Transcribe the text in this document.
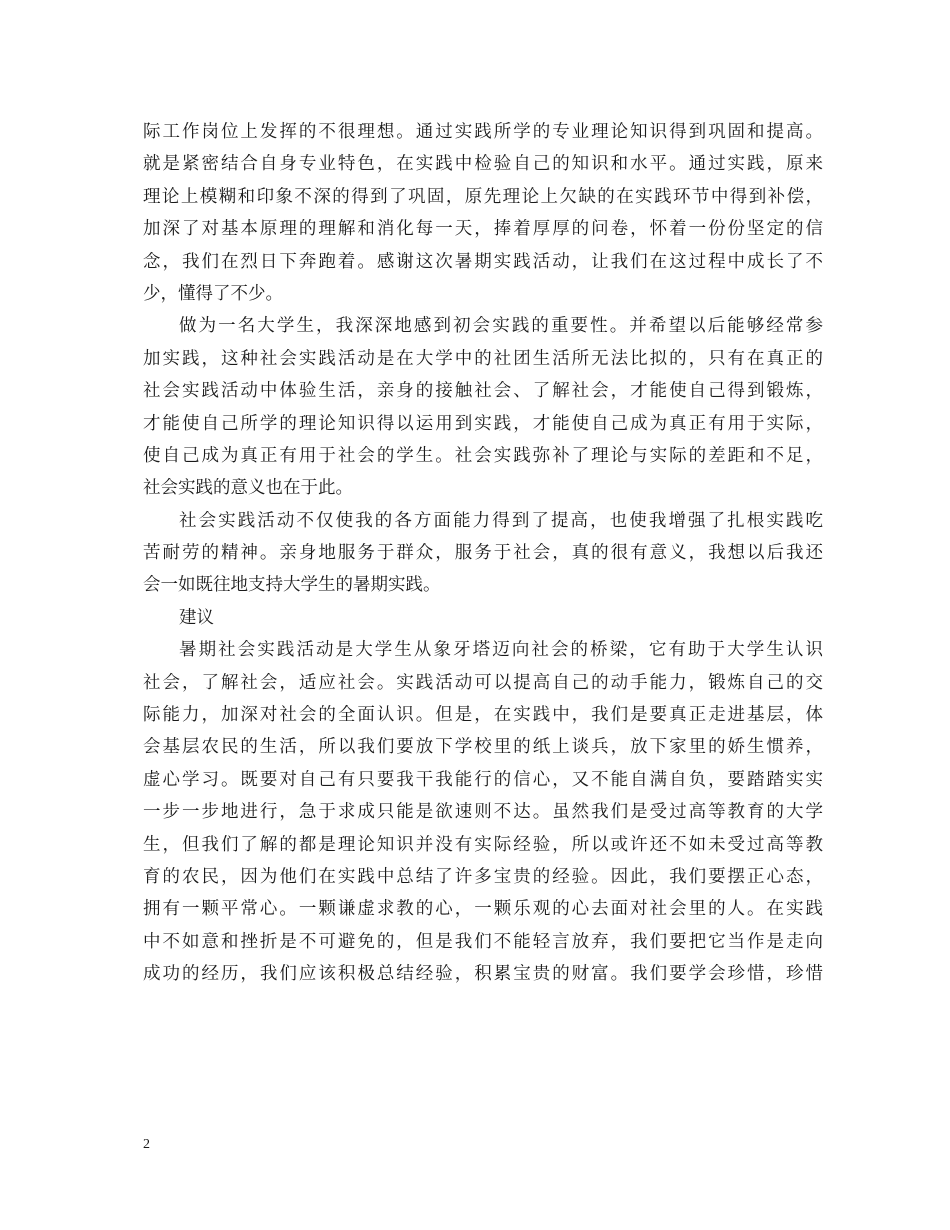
际工作岗位上发挥的不很理想。通过实践所学的专业理论知识得到巩固和提高。
就是紧密结合自身专业特色，在实践中检验自己的知识和水平。通过实践，原来
理论上模糊和印象不深的得到了巩固，原先理论上欠缺的在实践环节中得到补偿，
加深了对基本原理的理解和消化每一天，捧着厚厚的问卷，怀着一份份坚定的信
念，我们在烈日下奔跑着。感谢这次暑期实践活动，让我们在这过程中成长了不
少，懂得了不少。
做为一名大学生，我深深地感到初会实践的重要性。并希望以后能够经常参
加实践，这种社会实践活动是在大学中的社团生活所无法比拟的，只有在真正的
社会实践活动中体验生活，亲身的接触社会、了解社会，才能使自己得到锻炼，
才能使自己所学的理论知识得以运用到实践，才能使自己成为真正有用于实际，
使自己成为真正有用于社会的学生。社会实践弥补了理论与实际的差距和不足，
社会实践的意义也在于此。
社会实践活动不仅使我的各方面能力得到了提高，也使我增强了扎根实践吃
苦耐劳的精神。亲身地服务于群众，服务于社会，真的很有意义，我想以后我还
会一如既往地支持大学生的暑期实践。
建议
暑期社会实践活动是大学生从象牙塔迈向社会的桥梁，它有助于大学生认识
社会，了解社会，适应社会。实践活动可以提高自己的动手能力，锻炼自己的交
际能力，加深对社会的全面认识。但是，在实践中，我们是要真正走进基层，体
会基层农民的生活，所以我们要放下学校里的纸上谈兵，放下家里的娇生惯养，
虚心学习。既要对自己有只要我干我能行的信心，又不能自满自负，要踏踏实实
一步一步地进行，急于求成只能是欲速则不达。虽然我们是受过高等教育的大学
生，但我们了解的都是理论知识并没有实际经验，所以或许还不如未受过高等教
育的农民，因为他们在实践中总结了许多宝贵的经验。因此，我们要摆正心态，
拥有一颗平常心。一颗谦虚求教的心，一颗乐观的心去面对社会里的人。在实践
中不如意和挫折是不可避免的，但是我们不能轻言放弃，我们要把它当作是走向
成功的经历，我们应该积极总结经验，积累宝贵的财富。我们要学会珍惜，珍惜
2
